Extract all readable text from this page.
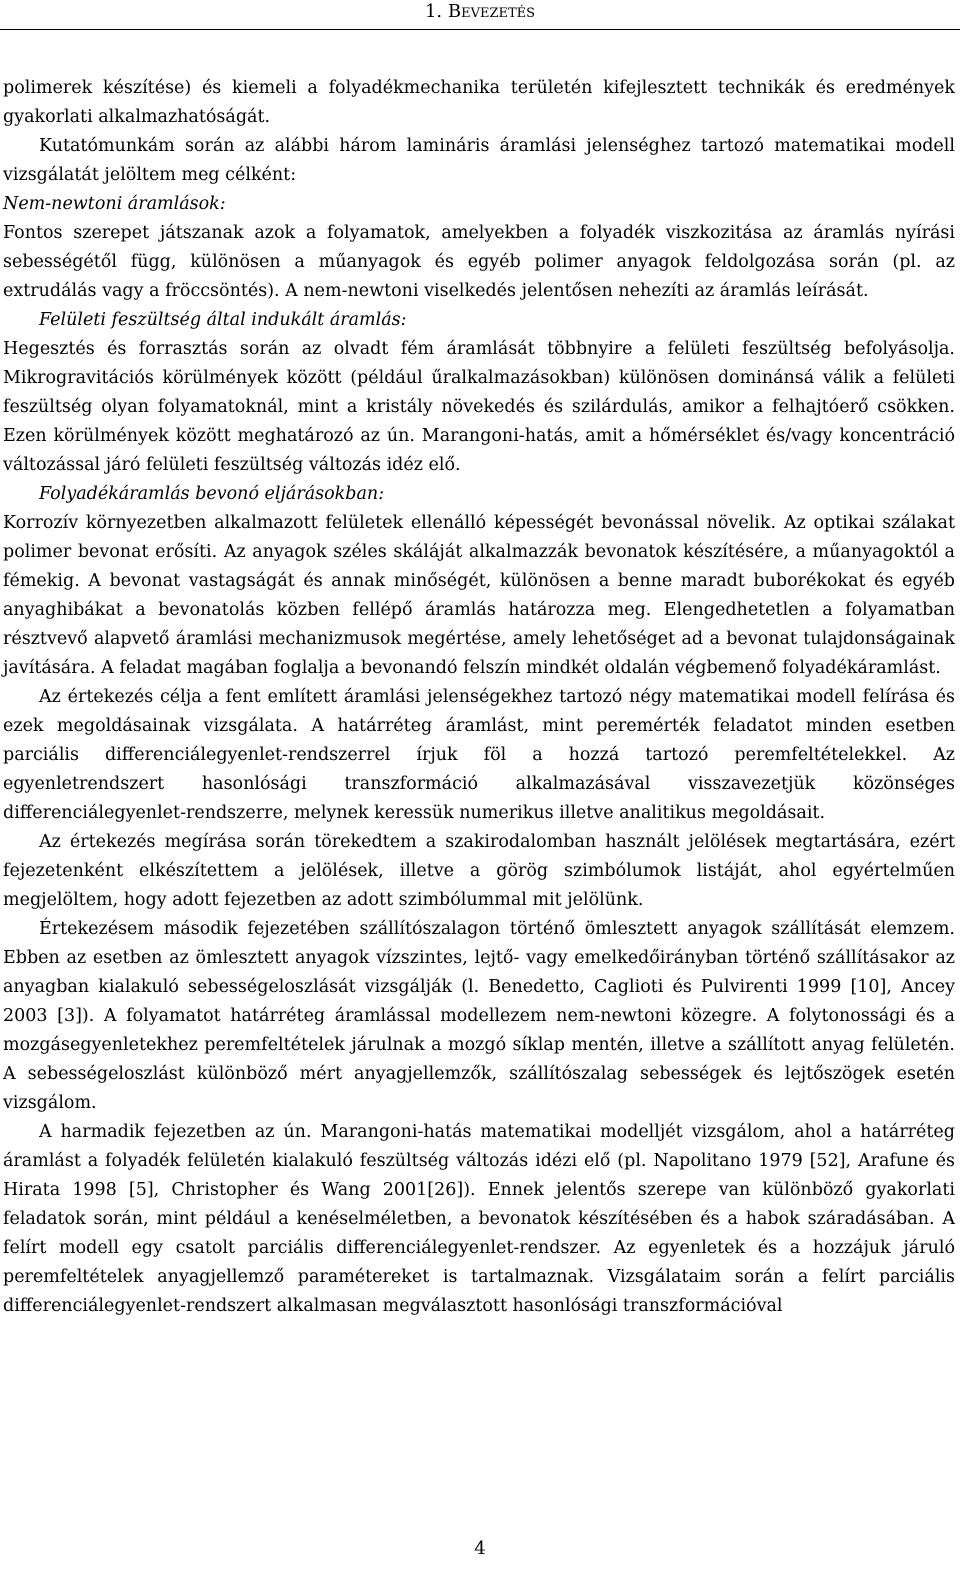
1. Bevezetés

polimerek készítése) és kiemeli a folyadékmechanika területén kifejlesztett technikák és eredmények gyakorlati alkalmazhatóságát.

Kutatómunkám során az alábbi három lamináris áramlási jelenséghez tartozó matematikai modell vizsgálatát jelöltem meg célként:

Nem-newtoni áramlások:

Fontos szerepet játszanak azok a folyamatok, amelyekben a folyadék viszkozitása az áramlás nyírási sebességétől függ, különösen a műanyagok és egyéb polimer anyagok feldolgozása során (pl. az extrudálás vagy a fröccsöntés). A nem-newtoni viselkedés jelentősen nehezíti az áramlás leírását.

Felületi feszültség által indukált áramlás:

Hegesztés és forrasztás során az olvadt fém áramlását többnyire a felületi feszültség befolyásolja. Mikrogravitációs körülmények között (például űralkalmazásokban) különösen dominánsá válik a felületi feszültség olyan folyamatoknál, mint a kristály növekedés és szilárdulás, amikor a felhajtóerő csökken. Ezen körülmények között meghatározó az ún. Marangoni-hatás, amit a hőmérséklet és/vagy koncentráció változással járó felületi feszültség változás idéz elő.

Folyadékáramlás bevonó eljárásokban:

Korrozív környezetben alkalmazott felületek ellenálló képességét bevonással növelik. Az optikai szálakat polimer bevonat erősíti. Az anyagok széles skáláját alkalmazzák bevonatok készítésére, a műanyagoktól a fémekig. A bevonat vastagságát és annak minőségét, különösen a benne maradt buborékokat és egyéb anyaghibákat a bevonatolás közben fellépő áramlás határozza meg. Elengedhetetlen a folyamatban résztvevő alapvető áramlási mechanizmusok megértése, amely lehetőséget ad a bevonat tulajdonságainak javítására. A feladat magában foglalja a bevonandó felszín mindkét oldalán végbemenő folyadékáramlást.

Az értekezés célja a fent említett áramlási jelenségekhez tartozó négy matematikai modell felírása és ezek megoldásainak vizsgálata. A határréteg áramlást, mint peremérték feladatot minden esetben parciális differenciálegyenlet-rendszerrel írjuk föl a hozzá tartozó peremfeltételekkel. Az egyenletrendszert hasonlósági transzformáció alkalmazásával visszavezetjük közönséges differenciálegyenlet-rendszerre, melynek keressük numerikus illetve analitikus megoldásait.

Az értekezés megírása során törekedtem a szakirodalomban használt jelölések megtartására, ezért fejezetenként elkészítettem a jelölések, illetve a görög szimbólumok listáját, ahol egyértelműen megjelöltem, hogy adott fejezetben az adott szimbólummal mit jelölünk.

Értekezésem második fejezetében szállítószalagon történő ömlesztett anyagok szállítását elemzem. Ebben az esetben az ömlesztett anyagok vízszintes, lejtő- vagy emelkedőirányban történő szállításakor az anyagban kialakuló sebességeloszlását vizsgálják (l. Benedetto, Caglioti és Pulvirenti 1999 [10], Ancey 2003 [3]). A folyamatot határréteg áramlással modellezem nem-newtoni közegre. A folytonossági és a mozgásegyenletekhez peremfeltételek járulnak a mozgó síklap mentén, illetve a szállított anyag felületén. A sebességeloszlást különböző mért anyagjellemzők, szállítószalag sebességek és lejtőszögek esetén vizsgálom.

A harmadik fejezetben az ún. Marangoni-hatás matematikai modelljét vizsgálom, ahol a határréteg áramlást a folyadék felületén kialakuló feszültség változás idézi elő (pl. Napolitano 1979 [52], Arafune és Hirata 1998 [5], Christopher és Wang 2001[26]). Ennek jelentős szerepe van különböző gyakorlati feladatok során, mint például a kenéselméletben, a bevonatok készítésében és a habok száradásában. A felírt modell egy csatolt parciális differenciálegyenlet-rendszer. Az egyenletek és a hozzájuk járuló peremfeltételek anyagjellemző paramétereket is tartalmaznak. Vizsgálataim során a felírt parciális differenciálegyenlet-rendszert alkalmasan megválasztott hasonlósági transzformációval

4
